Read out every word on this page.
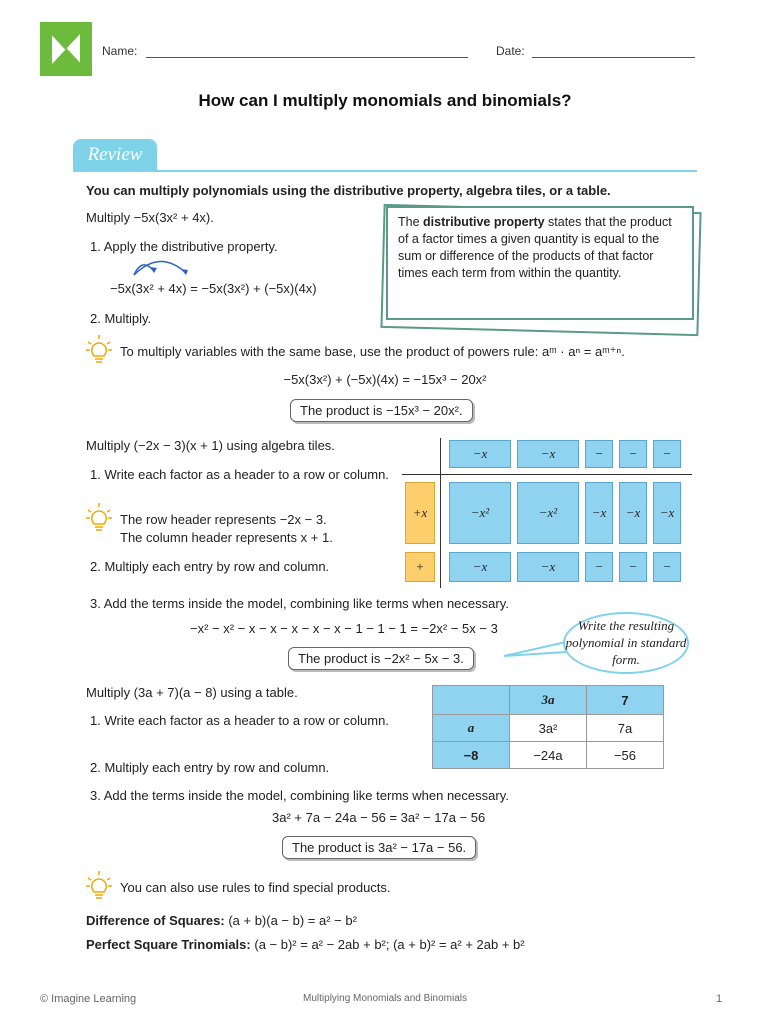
Name:	Date:
How can I multiply monomials and binomials?
Review
You can multiply polynomials using the distributive property, algebra tiles, or a table.
Multiply −5x(3x² + 4x).
1. Apply the distributive property.
−5x(3x² + 4x) = −5x(3x²) + (−5x)(4x)
2. Multiply.
The distributive property states that the product of a factor times a given quantity is equal to the sum or difference of the products of that factor times each term from within the quantity.
To multiply variables with the same base, use the product of powers rule: aᵐ · aⁿ = aᵐ⁺ⁿ.
−5x(3x²) + (−5x)(4x) = −15x³ − 20x²
The product is −15x³ − 20x².
Multiply (−2x − 3)(x + 1) using algebra tiles.
1. Write each factor as a header to a row or column.
The row header represents −2x − 3.
The column header represents x + 1.
2. Multiply each entry by row and column.
−x	−x	−	−	−
+x	−x²	−x²	−x	−x	−x
+	−x	−x	−	−	−
3. Add the terms inside the model, combining like terms when necessary.
−x² − x² − x − x − x − x − x − 1 − 1 − 1 = −2x² − 5x − 3
The product is −2x² − 5x − 3.
Write the resulting polynomial in standard form.
Multiply (3a + 7)(a − 8) using a table.
1. Write each factor as a header to a row or column.
2. Multiply each entry by row and column.
	3a	7
a	3a²	7a
−8	−24a	−56
3. Add the terms inside the model, combining like terms when necessary.
3a² + 7a − 24a − 56 = 3a² − 17a − 56
The product is 3a² − 17a − 56.
You can also use rules to find special products.
Difference of Squares: (a + b)(a − b) = a² − b²
Perfect Square Trinomials: (a − b)² = a² − 2ab + b²; (a + b)² = a² + 2ab + b²
© Imagine Learning	Multiplying Monomials and Binomials	1
